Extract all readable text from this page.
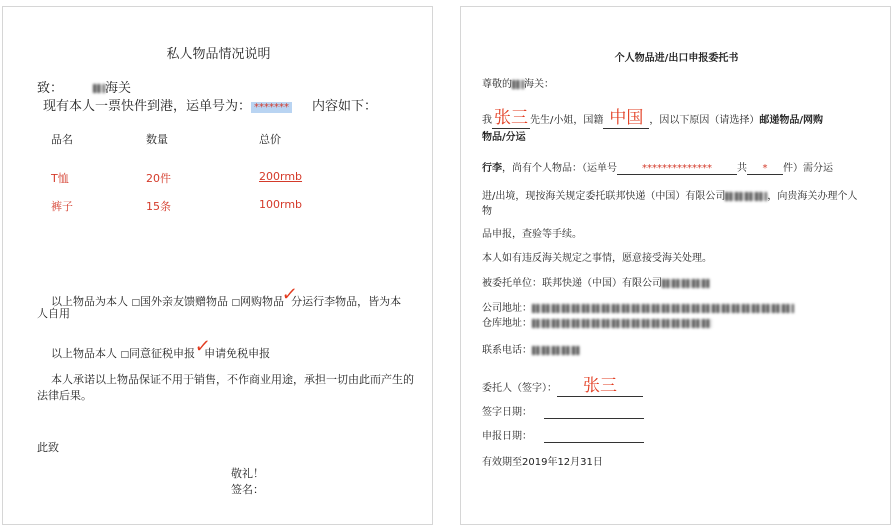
私人物品情况说明
致：	海关
现有本人一票快件到港，运单号为： ******* 内容如下：
品名	数量	总价
T恤	20件	200rmb
裤子	15条	100rmb
以上物品为本人 □国外亲友馈赠物品 □网购物品✓分运行李物品，皆为本
人自用
以上物品本人 □同意征税申报✓申请免税申报
本人承诺以上物品保证不用于销售，不作商业用途，承担一切由此而产生的
法律后果。
此致
敬礼！
签名：
个人物品进/出口申报委托书
尊敬的 海关：
我 张三 先生/小姐，国籍 中国 ，因以下原因（请选择）邮递物品/网购
物品/分运
行李，尚有个人物品：（运单号	**************	共 * 件）需分运
进/出境，现按海关规定委托联邦快递（中国）有限公司	，向贵海关办理个人
物
品申报，查验等手续。
本人如有违反海关规定之事情，愿意接受海关处理。
被委托单位：联邦快递（中国）有限公司
公司地址：
仓库地址：
联系电话：
委托人（签字）： 张三
签字日期：
申报日期：
有效期至2019年12月31日
